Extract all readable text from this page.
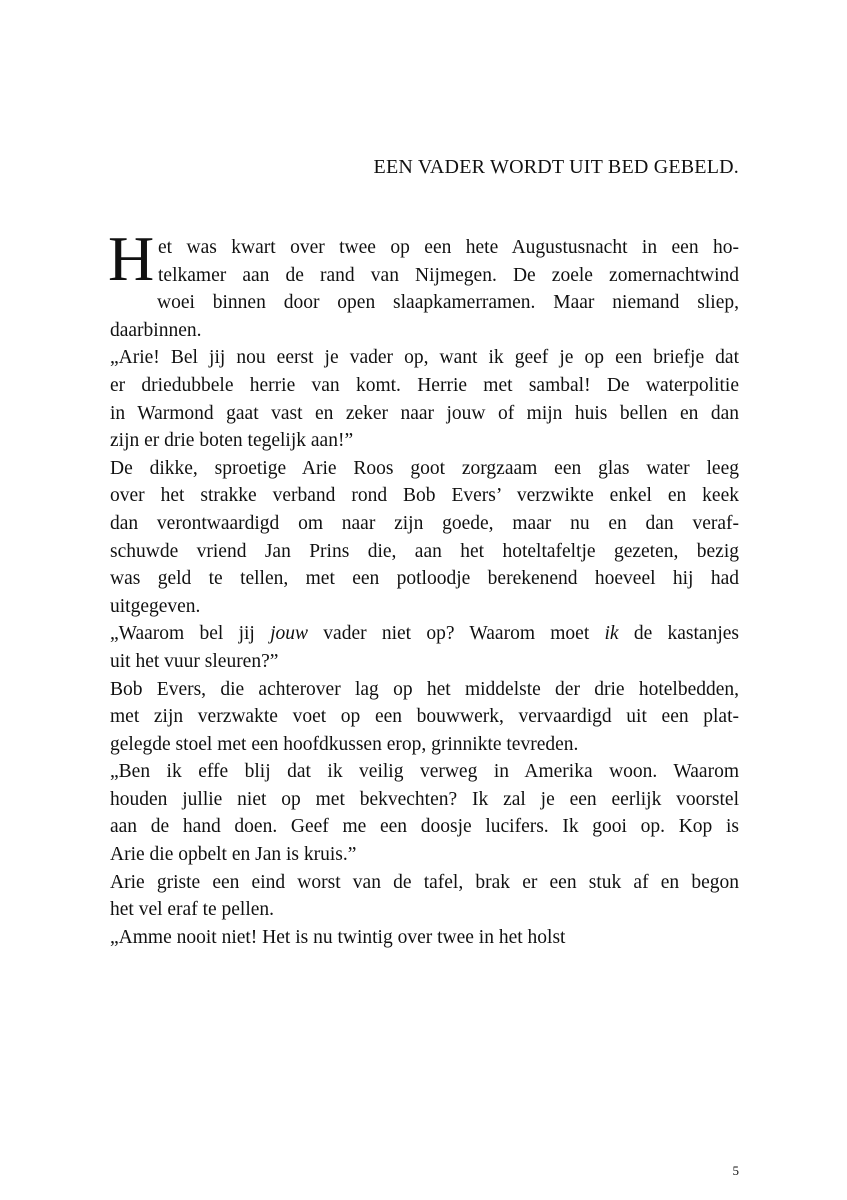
EEN VADER WORDT UIT BED GEBELD.
H et was kwart over twee op een hete Augustusnacht in een ho-
telkamer aan de rand van Nijmegen. De zoele zomernachtwind
woei binnen door open slaapkamerramen. Maar niemand sliep,
daarbinnen.
„Arie! Bel jij nou eerst je vader op, want ik geef je op een briefje dat
er driedubbele herrie van komt. Herrie met sambal! De waterpolitie
in Warmond gaat vast en zeker naar jouw of mijn huis bellen en dan
zijn er drie boten tegelijk aan!”
De dikke, sproetige Arie Roos goot zorgzaam een glas water leeg
over het strakke verband rond Bob Evers’ verzwikte enkel en keek
dan verontwaardigd om naar zijn goede, maar nu en dan veraf-
schuwde vriend Jan Prins die, aan het hoteltafeltje gezeten, bezig
was geld te tellen, met een potloodje berekenend hoeveel hij had
uitgegeven.
„Waarom bel jij jouw vader niet op? Waarom moet ik de kastanjes
uit het vuur sleuren?”
Bob Evers, die achterover lag op het middelste der drie hotelbedden,
met zijn verzwakte voet op een bouwwerk, vervaardigd uit een plat-
gelegde stoel met een hoofdkussen erop, grinnikte tevreden.
„Ben ik effe blij dat ik veilig verweg in Amerika woon. Waarom
houden jullie niet op met bekvechten? Ik zal je een eerlijk voorstel
aan de hand doen. Geef me een doosje lucifers. Ik gooi op. Kop is
Arie die opbelt en Jan is kruis.”
Arie griste een eind worst van de tafel, brak er een stuk af en begon
het vel eraf te pellen.
„Amme nooit niet! Het is nu twintig over twee in het holst
5
